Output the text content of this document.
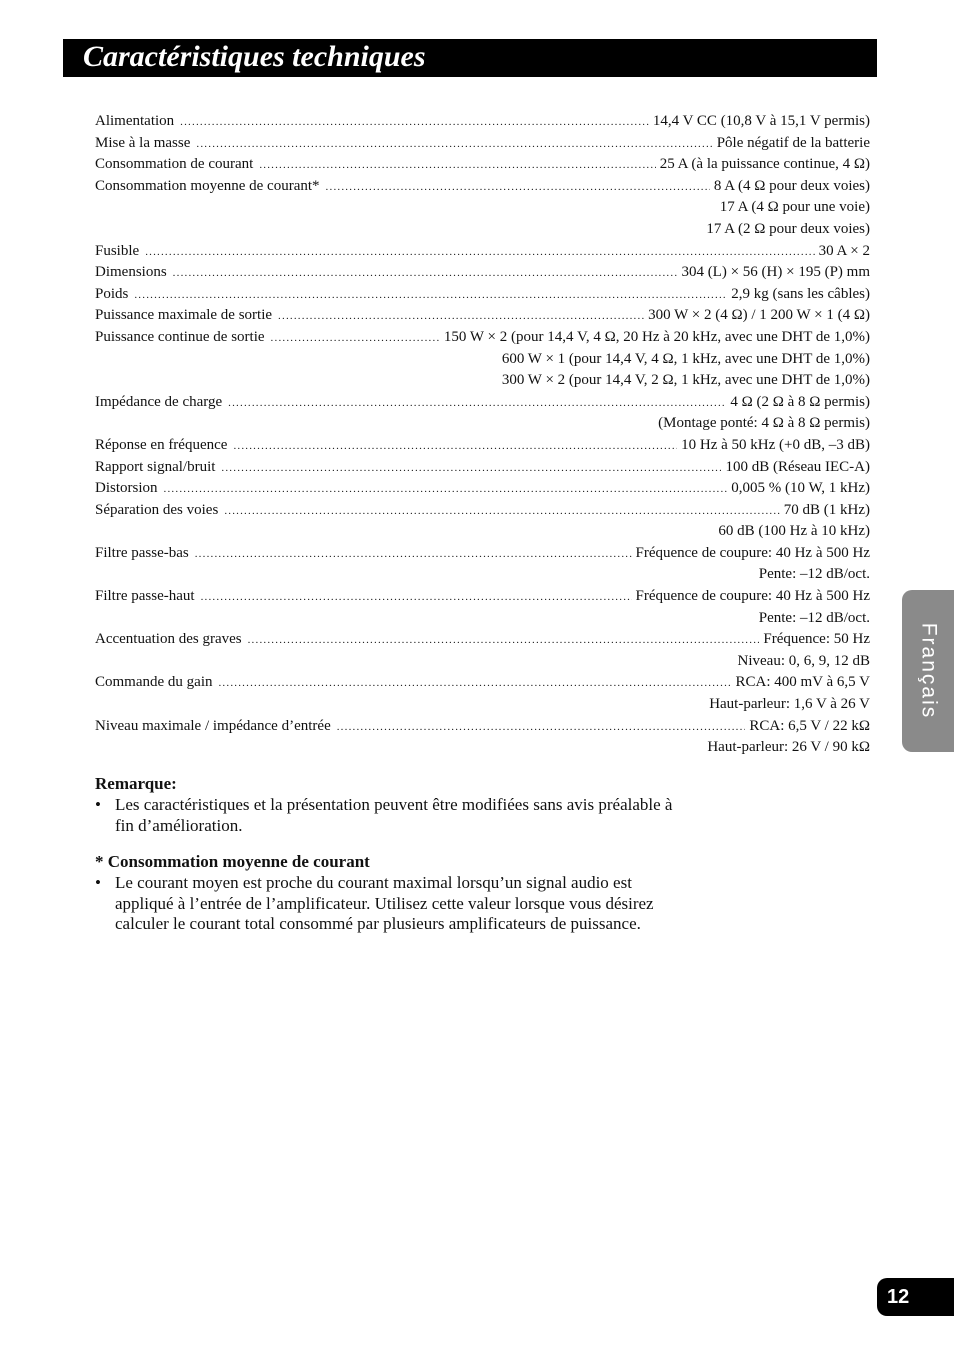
Caractéristiques techniques
Alimentation .....	14,4 V CC (10,8 V à 15,1 V permis)
Mise à la masse .....	Pôle négatif de la batterie
Consommation de courant .....	25 A (à la puissance continue, 4 Ω)
Consommation moyenne de courant* .....	8 A (4 Ω pour deux voies)
17 A (4 Ω pour une voie)
17 A (2 Ω pour deux voies)
Fusible .....	30 A × 2
Dimensions .....	304 (L) × 56 (H) × 195 (P) mm
Poids .....	2,9 kg (sans les câbles)
Puissance maximale de sortie .....	300 W × 2 (4 Ω) / 1 200 W × 1 (4 Ω)
Puissance continue de sortie .....	150 W × 2 (pour 14,4 V, 4 Ω, 20 Hz à 20 kHz, avec une DHT de 1,0%)
600 W × 1 (pour 14,4 V, 4 Ω, 1 kHz, avec une DHT de 1,0%)
300 W × 2 (pour 14,4 V, 2 Ω, 1 kHz, avec une DHT de 1,0%)
Impédance de charge .....	4 Ω (2 Ω à 8 Ω permis)
(Montage ponté: 4 Ω à 8 Ω permis)
Réponse en fréquence .....	10 Hz à 50 kHz (+0 dB, –3 dB)
Rapport signal/bruit .....	100 dB (Réseau IEC-A)
Distorsion .....	0,005 % (10 W, 1 kHz)
Séparation des voies .....	70 dB (1 kHz)
60 dB (100 Hz à 10 kHz)
Filtre passe-bas .....	Fréquence de coupure: 40 Hz à 500 Hz
Pente: –12 dB/oct.
Filtre passe-haut .....	Fréquence de coupure: 40 Hz à 500 Hz
Pente: –12 dB/oct.
Accentuation des graves .....	Fréquence: 50 Hz
Niveau: 0, 6, 9, 12 dB
Commande du gain .....	RCA: 400 mV à 6,5 V
Haut-parleur: 1,6 V à 26 V
Niveau maximale / impédance d’entrée .....	RCA: 6,5 V / 22 kΩ
Haut-parleur: 26 V / 90 kΩ
Remarque:
• Les caractéristiques et la présentation peuvent être modifiées sans avis préalable à
fin d’amélioration.
* Consommation moyenne de courant
• Le courant moyen est proche du courant maximal lorsqu’un signal audio est
appliqué à l’entrée de l’amplificateur. Utilisez cette valeur lorsque vous désirez
calculer le courant total consommé par plusieurs amplificateurs de puissance.
Français
12
